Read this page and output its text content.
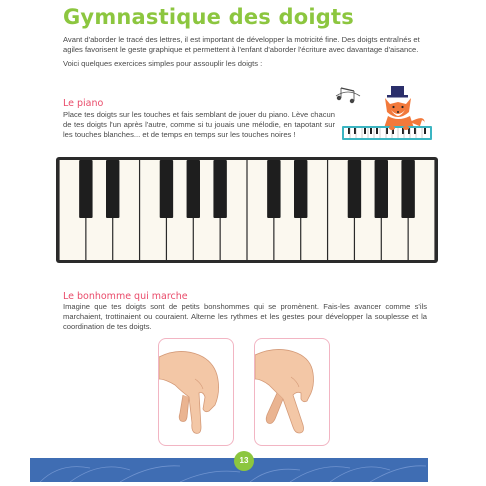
Gymnastique des doigts

Avant d'aborder le tracé des lettres, il est important de développer la motricité fine. Des doigts entraînés et agiles favorisent le geste graphique et permettent à l'enfant d'aborder l'écriture avec davantage d'aisance.

Voici quelques exercices simples pour assouplir les doigts :

Le piano
Place tes doigts sur les touches et fais semblant de jouer du piano. Lève chacun de tes doigts l'un après l'autre, comme si tu jouais une mélodie, en tapotant sur les touches blanches... et de temps en temps sur les touches noires !
Le bonhomme qui marche
Imagine que tes doigts sont de petits bonshommes qui se promènent. Fais-les avancer comme s'ils marchaient, trottinaient ou couraient. Alterne les rythmes et les gestes pour développer la souplesse et la coordination de tes doigts.
13
